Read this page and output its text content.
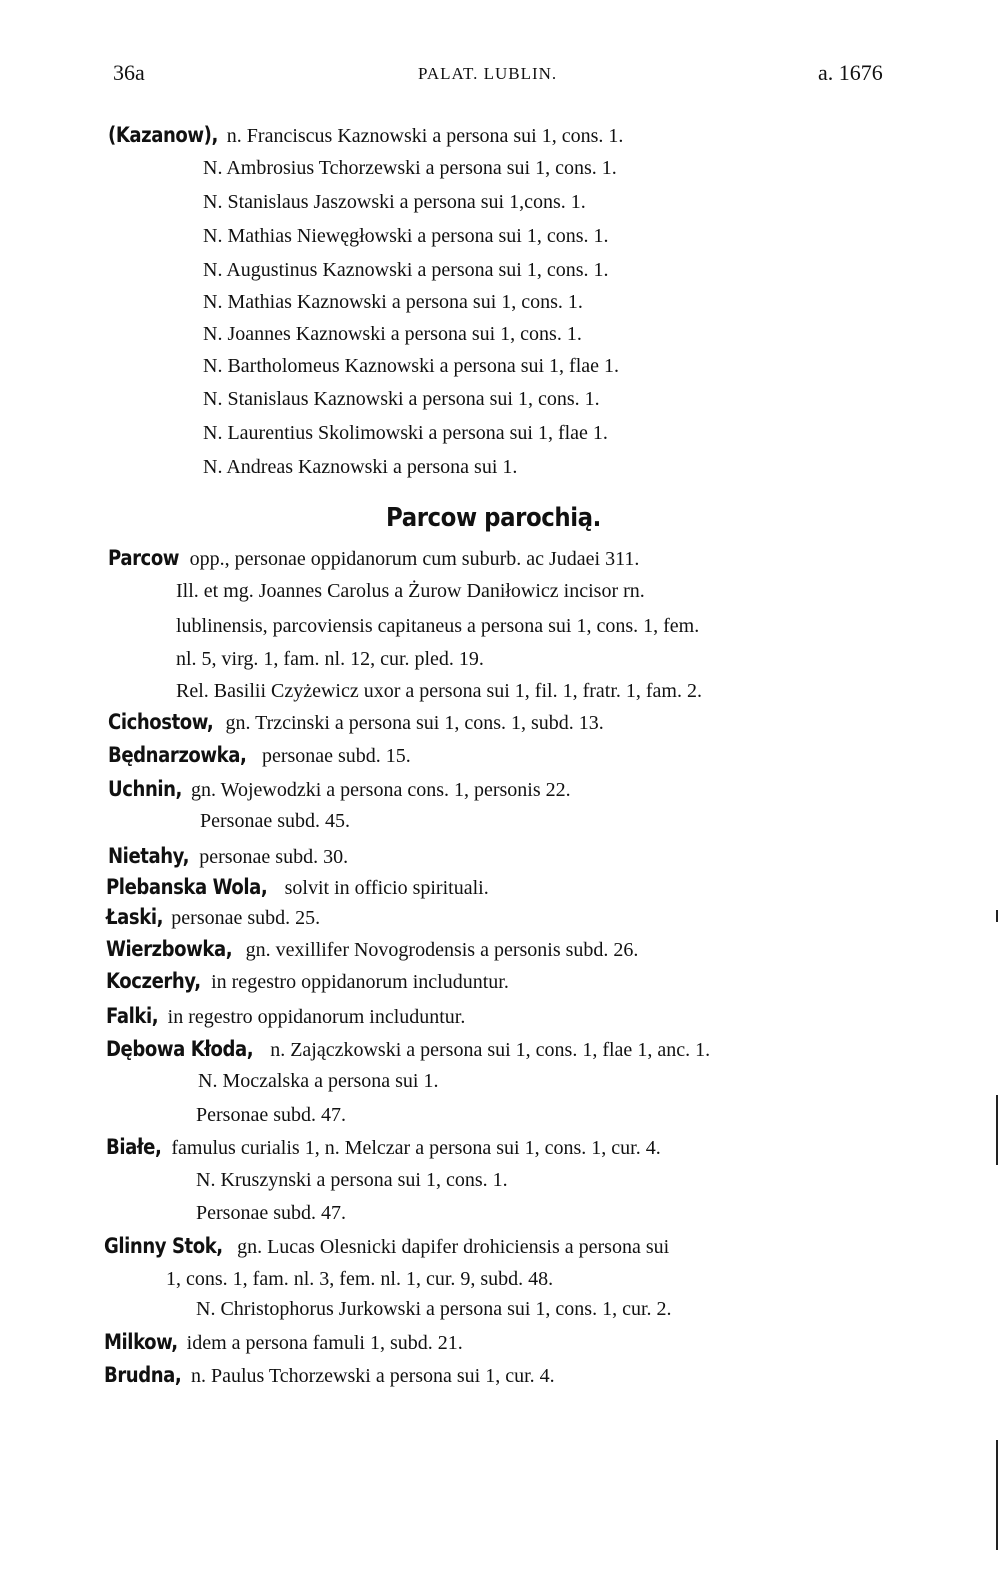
36a	PALAT. LUBLIN.	a. 1676
(Kazanow), n. Franciscus Kaznowski a persona sui 1, cons. 1.
N. Ambrosius Tchorzewski a persona sui 1, cons. 1.
N. Stanislaus Jaszowski a persona sui 1,cons. 1.
N. Mathias Niewęgłowski a persona sui 1, cons. 1.
N. Augustinus Kaznowski a persona sui 1, cons. 1.
N. Mathias Kaznowski a persona sui 1, cons. 1.
N. Joannes Kaznowski a persona sui 1, cons. 1.
N. Bartholomeus Kaznowski a persona sui 1, flae 1.
N. Stanislaus Kaznowski a persona sui 1, cons. 1.
N. Laurentius Skolimowski a persona sui 1, flae 1.
N. Andreas Kaznowski a persona sui 1.
Parcow parochią.
Parcow opp., personae oppidanorum cum suburb. ac Judaei 311.
Ill. et mg. Joannes Carolus a Żurow Daniłowicz incisor rn.
lublinensis, parcoviensis capitaneus a persona sui 1, cons. 1, fem.
nl. 5, virg. 1, fam. nl. 12, cur. pled. 19.
Rel. Basilii Czyżewicz uxor a persona sui 1, fil. 1, fratr. 1, fam. 2.
Cichostow, gn. Trzcinski a persona sui 1, cons. 1, subd. 13.
Będnarzowka, personae subd. 15.
Uchnin, gn. Wojewodzki a persona cons. 1, personis 22.
Personae subd. 45.
Nietahy, personae subd. 30.
Plebanska Wola, solvit in officio spirituali.
Łaski, personae subd. 25.
Wierzbowka, gn. vexillifer Novogrodensis a personis subd. 26.
Koczerhy, in regestro oppidanorum includuntur.
Falki, in regestro oppidanorum includuntur.
Dębowa Kłoda, n. Zajączkowski a persona sui 1, cons. 1, flae 1, anc. 1.
N. Moczalska a persona sui 1.
Personae subd. 47.
Białe, famulus curialis 1, n. Melczar a persona sui 1, cons. 1, cur. 4.
N. Kruszynski a persona sui 1, cons. 1.
Personae subd. 47.
Glinny Stok, gn. Lucas Olesnicki dapifer drohiciensis a persona sui
1, cons. 1, fam. nl. 3, fem. nl. 1, cur. 9, subd. 48.
N. Christophorus Jurkowski a persona sui 1, cons. 1, cur. 2.
Milkow, idem a persona famuli 1, subd. 21.
Brudna, n. Paulus Tchorzewski a persona sui 1, cur. 4.
